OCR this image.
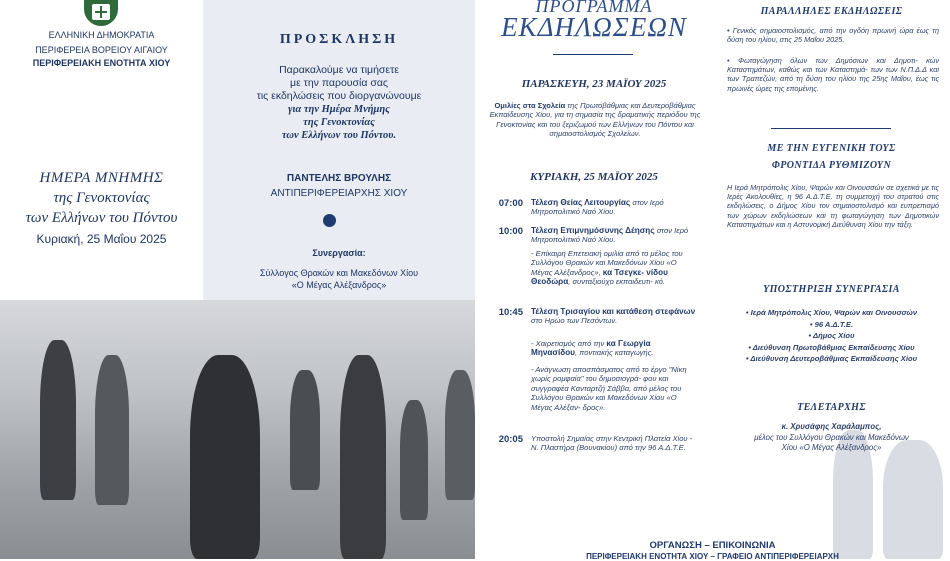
ΕΛΛΗΝΙΚΗ ΔΗΜΟΚΡΑΤΙΑ
ΠΕΡΙΦΕΡΕΙΑ ΒΟΡΕΙΟΥ ΑΙΓΑΙΟΥ
ΠΕΡΙΦΕΡΕΙΑΚΗ ΕΝΟΤΗΤΑ ΧΙΟΥ
ΗΜΕΡΑ ΜΝΗΜΗΣ
της Γενοκτονίας
των Ελλήνων του Πόντου
Κυριακή, 25 Μαΐου 2025
ΠΡΟΣΚΛΗΣΗ
Παρακαλούμε να τιμήσετε
με την παρουσία σας
τις εκδηλώσεις που διοργανώνουμε
για την Ημέρα Μνήμης
της Γενοκτονίας
των Ελλήνων του Πόντου.
ΠΑΝΤΕΛΗΣ ΒΡΟΥΛΗΣ
ΑΝΤΙΠΕΡΙΦΕΡΕΙΑΡΧΗΣ ΧΙΟΥ
Συνεργασία:
Σύλλογος Θρακών και Μακεδόνων Χίου
«Ο Μέγας Αλέξανδρος»
ΠΡΟΓΡΑΜΜΑ
ΕΚΔΗΛΩΣΕΩΝ
ΠΑΡΑΣΚΕΥΗ, 23 ΜΑΪΟΥ 2025
Ομιλίες στα Σχολεία της Πρωτοβάθμιας και Δευτεροβάθμιας Εκπαίδευσης Χίου, για τη σημασία της δραματικής περιόδου της Γενοκτονίας και του ξεριζωμού των Ελλήνων του Πόντου και σημαιοστολισμός Σχολείων.
ΚΥΡΙΑΚΗ, 25 ΜΑΪΟΥ 2025
07:00 Τέλεση Θείας Λειτουργίας στον Ιερό Μητροπολιτικό Ναό Χίου.
10:00 Τέλεση Επιμνημόσυνης Δέησης στον Ιερό Μητροπολιτικό Ναό Χίου.
- Επίκαιρη Επετειακή ομιλία από το μέλος του Συλλόγου Θρακών και Μακεδόνων Χίου «Ο Μέγας Αλέξανδρος», κα Τσεγκε- νίδου Θεοδώρα, συνταξιούχο εκπαιδευτι- κό.
10:45 Τέλεση Τρισαγίου και κατάθεση στεφάνων στο Ηρώο των Πεσόντων.
- Χαιρετισμός από την κα Γεωργία Μηνασίδου, ποντιακής καταγωγής.
- Ανάγνωση αποσπάσματος από το έργο "Νίκη χωρίς ρομφαία" του δημοσιογρά- φου και συγγραφέα Κανταρτζή Σάββα, από μέλος του Συλλόγου Θρακών και Μακεδόνων Χίου «Ο Μέγας Αλέξαν- δρος».
20:05 Υποστολή Σημαίας στην Κεντρική Πλατεία Χίου - Ν. Πλαστήρα (Βουνακίου) από την 96 Α.Δ.Τ.Ε.
ΠΑΡΑΛΛΗΛΕΣ ΕΚΔΗΛΩΣΕΙΣ
• Γενικός σημαιοστολισμός, από την ογδόη πρωινή ώρα έως τη δύση του ηλίου, στις 25 Μαΐου 2025.
• Φωταγώγηση όλων των Δημόσιων και Δημοτι- κών Καταστημάτων, καθώς και των Καταστημά- των των Ν.Π.Δ.Δ και των Τραπεζών, από τη δύση του ηλίου της 25ης Μαΐου, έως τις πρωινές ώρες της επομένης.
ΜΕ ΤΗΝ ΕΥΓΕΝΙΚΗ ΤΟΥΣ
ΦΡΟΝΤΙΔΑ ΡΥΘΜΙΖΟΥΝ
Η Ιερά Μητρόπολις Χίου, Ψαρών και Οινουσσών σε σχετικά με τις Ιερές Ακολουθίες, η 96 Α.Δ.Τ.Ε. τη συμμετοχή του στρατού στις εκδηλώσεις, ο Δήμος Χίου τον σημαιοστολισμό και ευπρεπισμό των χώρων εκδηλώσεων και τη φωταγώγηση των Δημοτικών Καταστημάτων και η Αστυνομική Διεύθυνση Χίου την τάξη.
ΥΠΟΣΤΗΡΙΞΗ ΣΥΝΕΡΓΑΣΙΑ
• Ιερά Μητρόπολις Χίου, Ψαρών και Οινουσσών
• 96 Α.Δ.Τ.Ε.
• Δήμος Χίου
• Διεύθυνση Πρωτοβάθμιας Εκπαίδευσης Χίου
• Διεύθυνση Δευτεροβάθμιας Εκπαίδευσης Χίου
ΤΕΛΕΤΑΡΧΗΣ
κ. Χρυσάφης Χαράλαμπος,
μέλος του Συλλόγου Θρακών και Μακεδόνων
Χίου «Ο Μέγας Αλέξανδρος»
ΟΡΓΑΝΩΣΗ – ΕΠΙΚΟΙΝΩΝΙΑ
ΠΕΡΙΦΕΡΕΙΑΚΗ ΕΝΟΤΗΤΑ ΧΙΟΥ – ΓΡΑΦΕΙΟ ΑΝΤΙΠΕΡΙΦΕΡΕΙΑΡΧΗ
